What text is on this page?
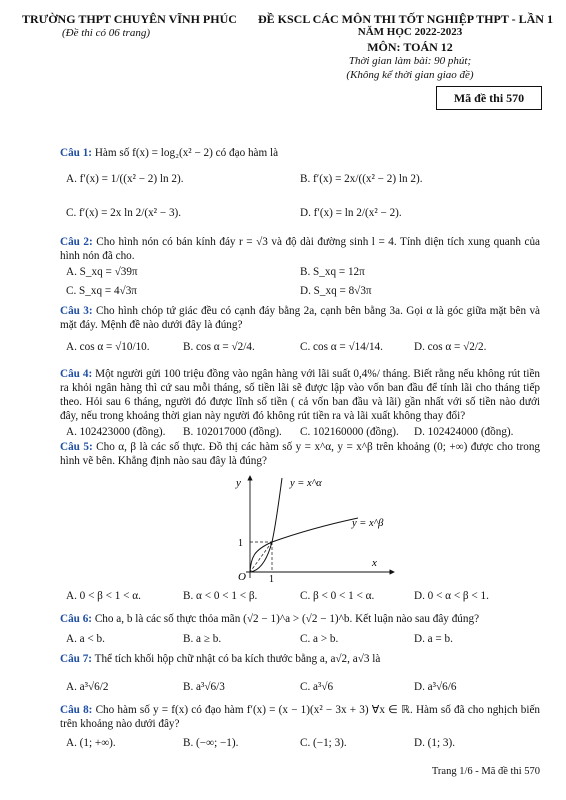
TRƯỜNG THPT CHUYÊN VĨNH PHÚC
(Đề thi có 06 trang)
ĐỀ KSCL CÁC MÔN THI TỐT NGHIỆP THPT - LẦN 1
NĂM HỌC 2022-2023
MÔN: TOÁN 12
Thời gian làm bài: 90 phút;
(Không kể thời gian giao đề)
Mã đề thi 570
Câu 1: Hàm số f(x) = log₂(x² − 2) có đạo hàm là
A. f′(x) = 1/((x² − 2) ln 2).	B. f′(x) = 2x/((x² − 2) ln 2).
C. f′(x) = 2x ln 2/(x² − 3).	D. f′(x) = ln 2/(x² − 2).
Câu 2: Cho hình nón có bán kính đáy r = √3 và độ dài đường sinh l = 4. Tính diện tích xung quanh của hình nón đã cho.
A. S_xq = √39π	B. S_xq = 12π
C. S_xq = 4√3π	D. S_xq = 8√3π
Câu 3: Cho hình chóp tứ giác đều có cạnh đáy bằng 2a, cạnh bên bằng 3a. Gọi α là góc giữa mặt bên và mặt đáy. Mệnh đề nào dưới đây là đúng?
A. cos α = √10/10.	B. cos α = √2/4.	C. cos α = √14/14.	D. cos α = √2/2.
Câu 4: Một người gửi 100 triệu đồng vào ngân hàng với lãi suất 0,4%/ tháng. Biết rằng nếu không rút tiền ra khỏi ngân hàng thì cứ sau mỗi tháng, số tiền lãi sẽ được lập vào vốn ban đầu để tính lãi cho tháng tiếp theo. Hỏi sau 6 tháng, người đó được lĩnh số tiền ( cả vốn ban đầu và lãi) gần nhất với số tiền nào dưới đây, nếu trong khoảng thời gian này người đó không rút tiền ra và lãi xuất không thay đổi?
A. 102423000 (đồng). B. 102017000 (đồng). C. 102160000 (đồng). D. 102424000 (đồng).
Câu 5: Cho α, β là các số thực. Đồ thị các hàm số y = x^α, y = x^β trên khoảng (0; +∞) được cho trong hình vẽ bên. Khẳng định nào sau đây là đúng?
y
x
O 1
1
y = x^α
y = x^β
A. 0 < β < 1 < α.	B. α < 0 < 1 < β.	C. β < 0 < 1 < α.	D. 0 < α < β < 1.
Câu 6: Cho a, b là các số thực thỏa mãn (√2 − 1)^a > (√2 − 1)^b. Kết luận nào sau đây đúng?
A. a < b.	B. a ≥ b.	C. a > b.	D. a = b.
Câu 7: Thể tích khối hộp chữ nhật có ba kích thước bằng a, a√2, a√3 là
A. a³√6/2	B. a³√6/3	C. a³√6	D. a³√6/6
Câu 8: Cho hàm số y = f(x) có đạo hàm f′(x) = (x − 1)(x² − 3x + 3) ∀x ∈ ℝ. Hàm số đã cho nghịch biến trên khoảng nào dưới đây?
A. (1; +∞).	B. (−∞; −1).	C. (−1; 3).	D. (1; 3).
Trang 1/6 - Mã đề thi 570
